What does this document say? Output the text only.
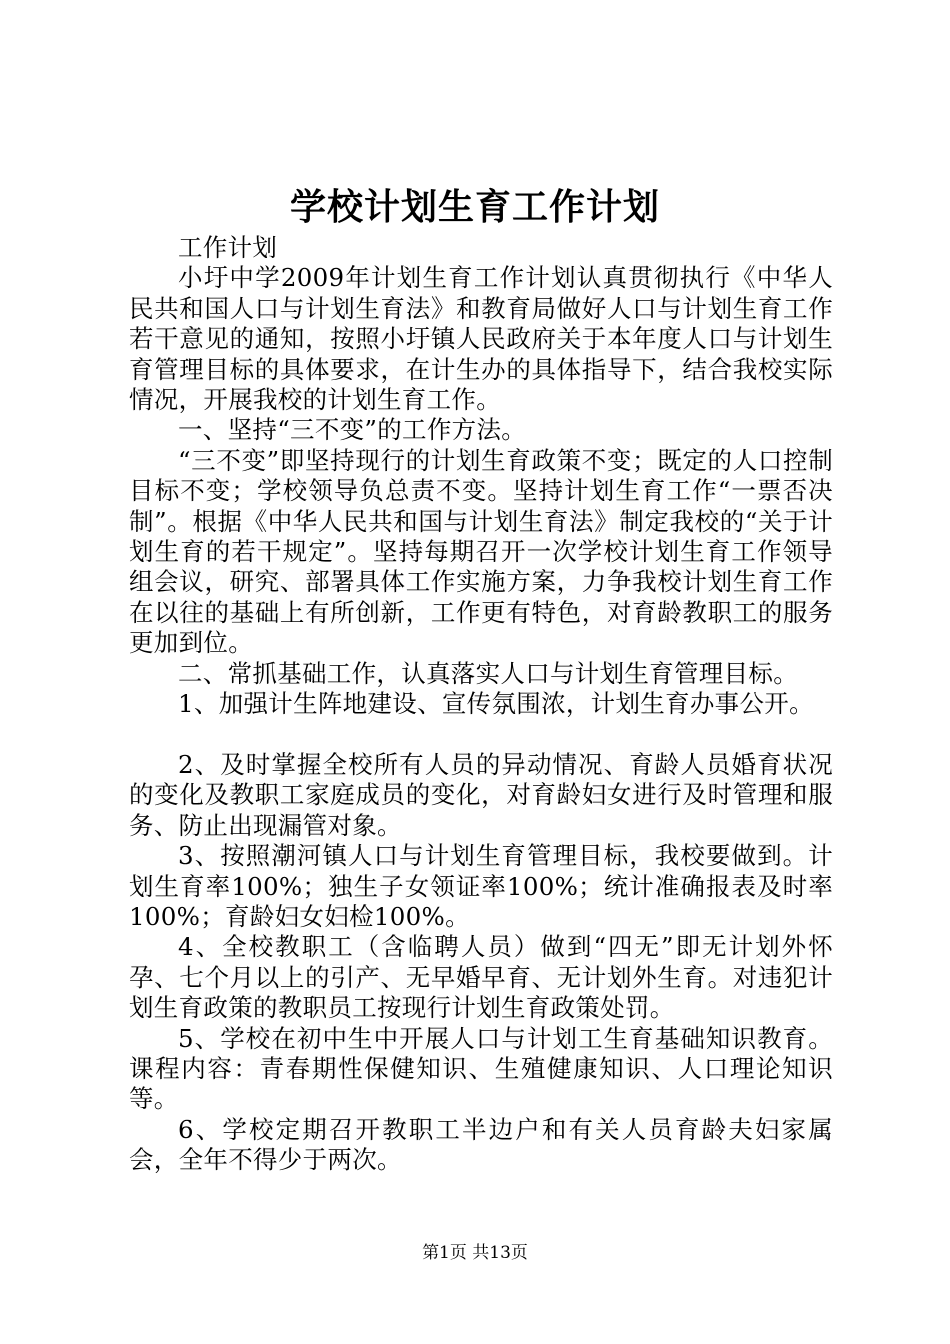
学校计划生育工作计划

工作计划

小圩中学2009年计划生育工作计划认真贯彻执行《中华人民共和国人口与计划生育法》和教育局做好人口与计划生育工作若干意见的通知，按照小圩镇人民政府关于本年度人口与计划生育管理目标的具体要求，在计生办的具体指导下，结合我校实际情况，开展我校的计划生育工作。

一、坚持“三不变”的工作方法。

“三不变”即坚持现行的计划生育政策不变；既定的人口控制目标不变；学校领导负总责不变。坚持计划生育工作“一票否决制”。根据《中华人民共和国与计划生育法》制定我校的“关于计划生育的若干规定”。坚持每期召开一次学校计划生育工作领导组会议，研究、部署具体工作实施方案，力争我校计划生育工作在以往的基础上有所创新，工作更有特色，对育龄教职工的服务更加到位。

二、常抓基础工作，认真落实人口与计划生育管理目标。

1、加强计生阵地建设、宣传氛围浓，计划生育办事公开。

2、及时掌握全校所有人员的异动情况、育龄人员婚育状况的变化及教职工家庭成员的变化，对育龄妇女进行及时管理和服务、防止出现漏管对象。

3、按照潮河镇人口与计划生育管理目标，我校要做到。计划生育率100%；独生子女领证率100%；统计准确报表及时率100%；育龄妇女妇检100%。

4、全校教职工（含临聘人员）做到“四无”即无计划外怀孕、七个月以上的引产、无早婚早育、无计划外生育。对违犯计划生育政策的教职员工按现行计划生育政策处罚。

5、学校在初中生中开展人口与计划工生育基础知识教育。课程内容：青春期性保健知识、生殖健康知识、人口理论知识等。

6、学校定期召开教职工半边户和有关人员育龄夫妇家属会，全年不得少于两次。

第1页 共13页
